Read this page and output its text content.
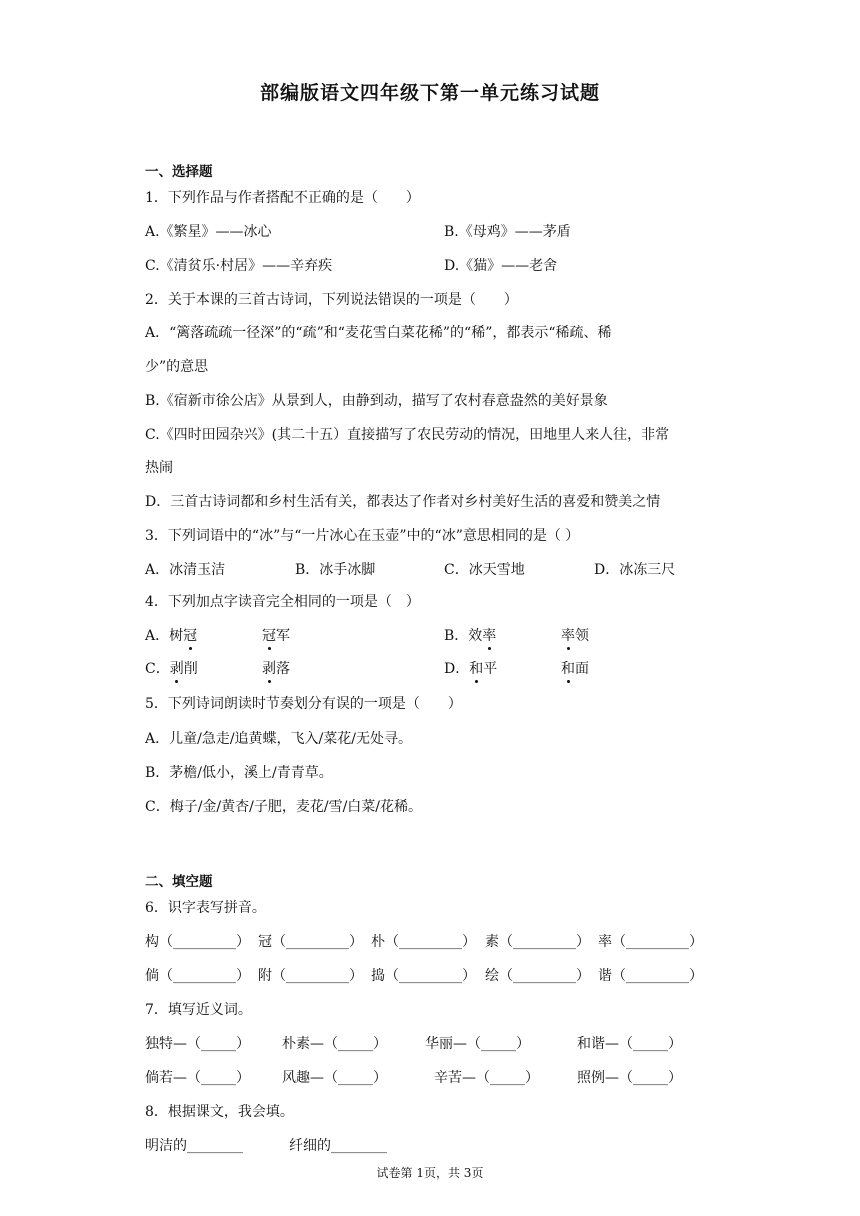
部编版语文四年级下第一单元练习试题
一、选择题
1．下列作品与作者搭配不正确的是（　　）
A.《繁星》——冰心	B.《母鸡》——茅盾
C.《清贫乐·村居》——辛弃疾	D.《猫》——老舍
2．关于本课的三首古诗词，下列说法错误的一项是（　　）
A．“篱落疏疏一径深”的“疏”和“麦花雪白菜花稀”的“稀”，都表示“稀疏、稀
少”的意思
B.《宿新市徐公店》从景到人，由静到动，描写了农村春意盎然的美好景象
C.《四时田园杂兴》(其二十五）直接描写了农民劳动的情况，田地里人来人往，非常
热闹
D．三首古诗词都和乡村生活有关，都表达了作者对乡村美好生活的喜爱和赞美之情
3．下列词语中的“冰”与“一片冰心在玉壶”中的“冰”意思相同的是（ ）
A．冰清玉洁	B．冰手冰脚	C．冰天雪地	D．冰冻三尺
4．下列加点字读音完全相同的一项是（　）
A．树冠	冠军	B．效率	率领
C．剥削	剥落	D．和平	和面
5．下列诗词朗读时节奏划分有误的一项是（　　）
A．儿童/急走/追黄蝶，飞入/菜花/无处寻。
B．茅檐/低小，溪上/青青草。
C．梅子/金/黄杏/子肥，麦花/雪/白菜/花稀。
二、填空题
6．识字表写拼音。
构（_________） 冠（_________） 朴（_________） 素（_________） 率（_________）
倘（_________） 附（_________） 捣（_________） 绘（_________） 谐（_________）
7．填写近义词。
独特—（_____） 朴素—（_____）	华丽—（_____）	和谐—（_____）
倘若—（_____） 风趣—（_____）	辛苦—（_____）	照例—（_____）
8．根据课文，我会填。
明洁的________	纤细的________
试卷第 1页，共 3页
